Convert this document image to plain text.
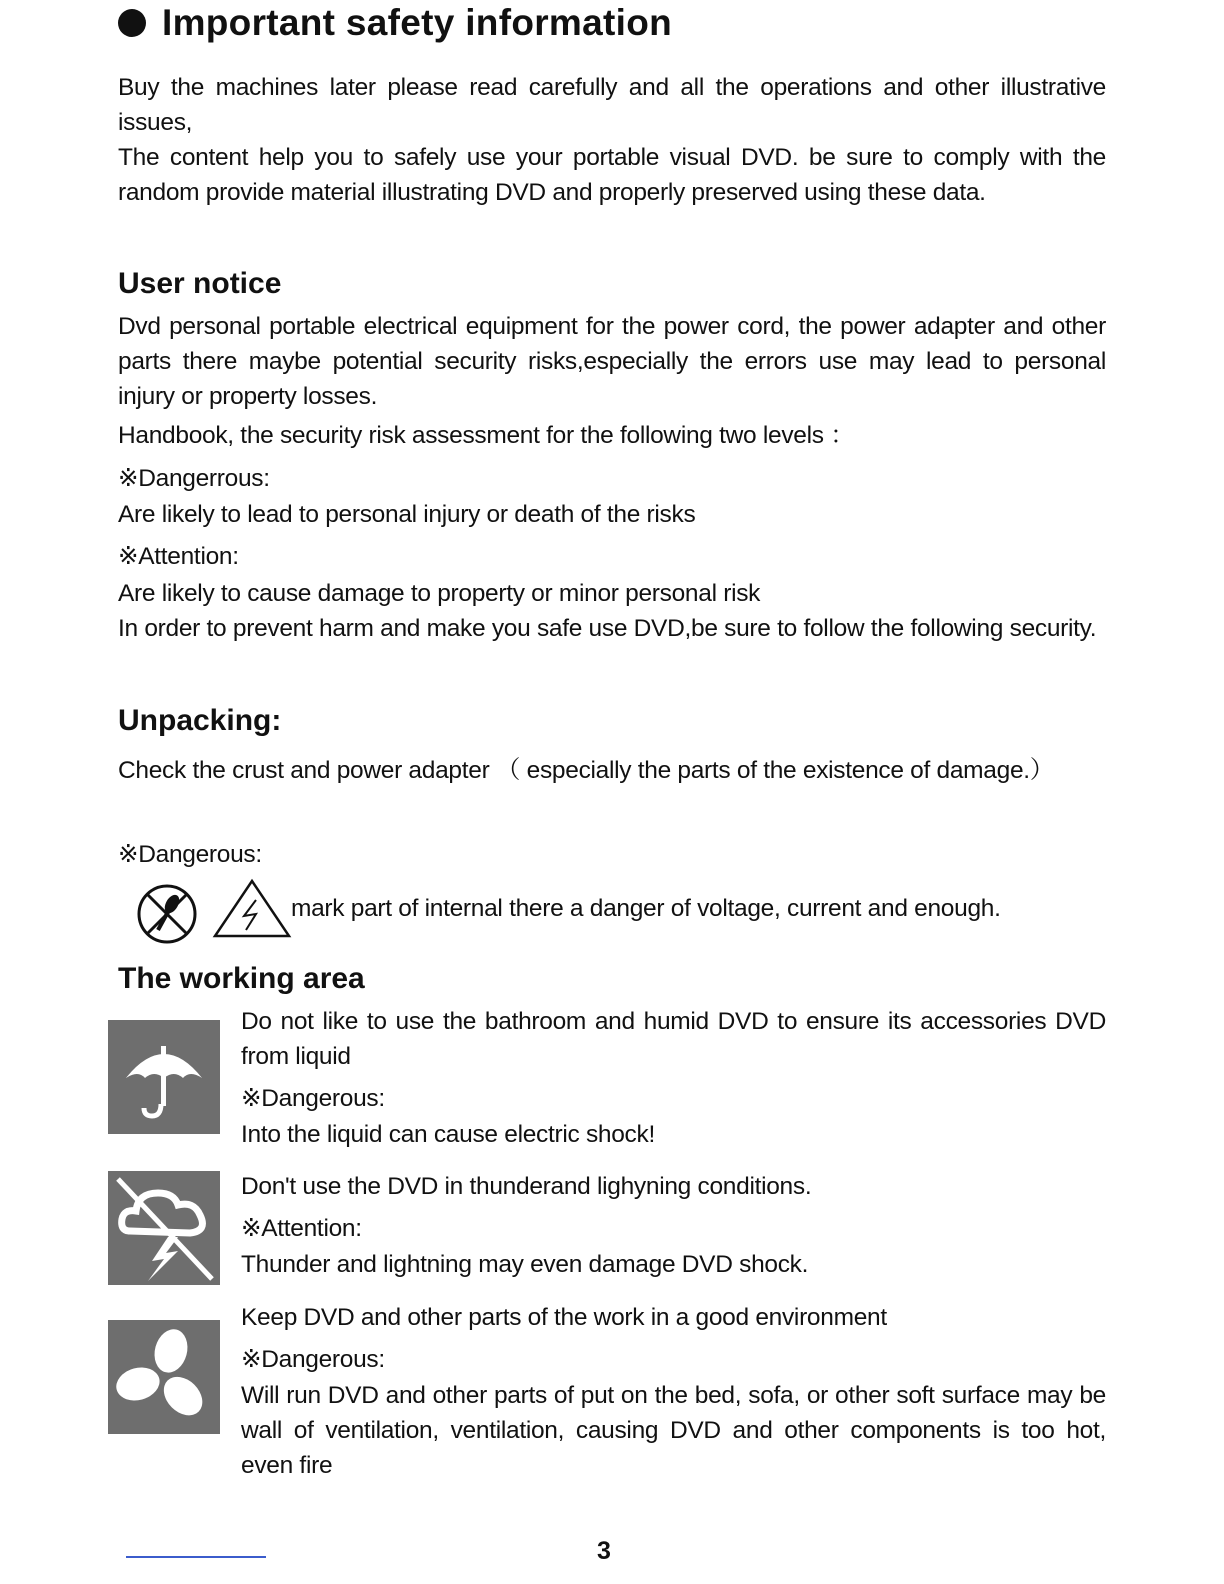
Important safety information

Buy the machines later please read carefully and all the operations and other illustrative issues,

The content help you to safely use your portable visual DVD. be sure to comply with the random provide material illustrating DVD and properly preserved using these data.

User notice

Dvd personal portable electrical equipment for the power cord, the power adapter and other parts there maybe potential security risks,especially the errors use may lead to personal injury or property losses.

Handbook, the security risk assessment for the following two levels ：

※Dangerrous:

Are likely to lead to personal injury or death of the risks

※Attention:

Are likely to cause damage to property or minor personal risk

In order to prevent harm and make you safe use DVD,be sure to follow the following security.

Unpacking:

Check the crust and power adapter （ especially the parts of the existence of damage.）

※Dangerous:

mark part of internal there a danger of voltage, current and enough.

The working area

Do not like to use the bathroom and humid DVD to ensure its accessories DVD from liquid

※Dangerous:

Into the liquid can cause electric shock!

Don't use the DVD in thunderand lighyning conditions.

※Attention:

Thunder and lightning may even damage DVD shock.

Keep DVD and other parts of the work in a good environment

※Dangerous:

Will run DVD and other parts of put on the bed, sofa, or other soft surface may be wall of ventilation, ventilation, causing DVD and other components is too hot, even fire

3
